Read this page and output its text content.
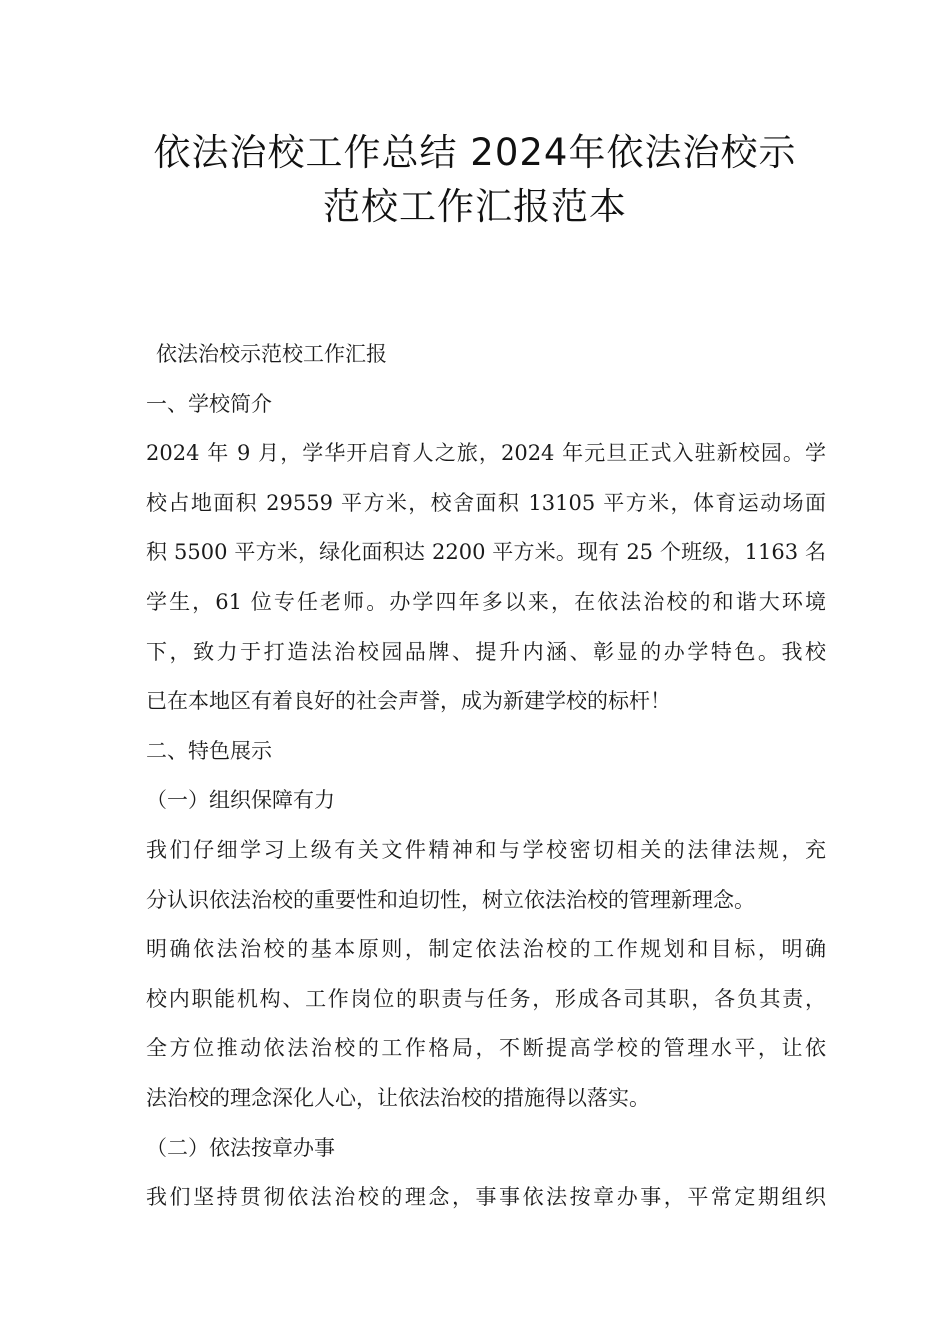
依法治校工作总结 2024年依法治校示
范校工作汇报范本
依法治校示范校工作汇报
一、学校简介
2024 年 9 月，学华开启育人之旅，2024 年元旦正式入驻新校园。学
校占地面积 29559 平方米，校舍面积 13105 平方米，体育运动场面
积 5500 平方米，绿化面积达 2200 平方米。现有 25 个班级，1163 名
学生，61 位专任老师。办学四年多以来，在依法治校的和谐大环境
下，致力于打造法治校园品牌、提升内涵、彰显的办学特色。我校
已在本地区有着良好的社会声誉，成为新建学校的标杆！
二、特色展示
（一）组织保障有力
我们仔细学习上级有关文件精神和与学校密切相关的法律法规，充
分认识依法治校的重要性和迫切性，树立依法治校的管理新理念。
明确依法治校的基本原则，制定依法治校的工作规划和目标，明确
校内职能机构、工作岗位的职责与任务，形成各司其职，各负其责，
全方位推动依法治校的工作格局，不断提高学校的管理水平，让依
法治校的理念深化人心，让依法治校的措施得以落实。
（二）依法按章办事
我们坚持贯彻依法治校的理念，事事依法按章办事，平常定期组织
